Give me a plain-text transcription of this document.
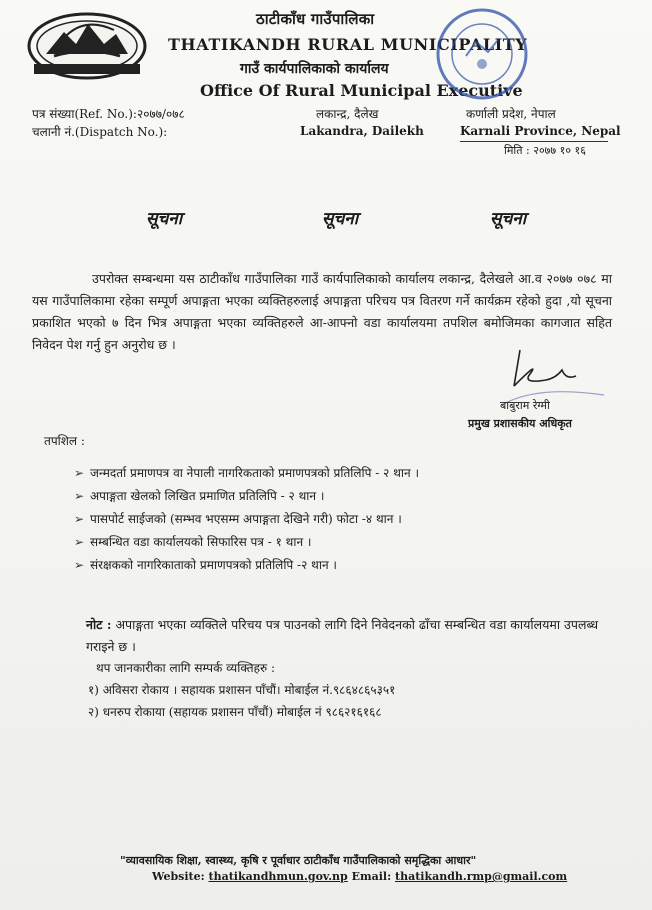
ठाटीकाँध गाउँपालिका
THATIKANDH RURAL MUNICIPALITY
गाउँ कार्यपालिकाको कार्यालय
Office Of Rural Municipal Executive
पत्र संख्या(Ref. No.):२०७७/०७८
चलानी नं.(Dispatch No.):
लकान्द्र, दैलेख
Lakandra, Dailekh
कर्णाली प्रदेश, नेपाल
Karnali Province, Nepal
मिति : २०७७ १० १६
सूचना	सूचना	सूचना
उपरोक्त सम्बन्धमा यस ठाटीकाँध गाउँपालिका गाउँ कार्यपालिकाको कार्यालय लकान्द्र, दैलेखले आ.व २०७७ ०७८ मा यस गाउँपालिकामा रहेका सम्पूर्ण अपाङ्गता भएका व्यक्तिहरुलाई अपाङ्गता परिचय पत्र वितरण गर्ने कार्यक्रम रहेको हुदा ,यो सूचना प्रकाशित भएको ७ दिन भित्र अपाङ्गता भएका व्यक्तिहरुले आ-आफ्नो वडा कार्यालयमा तपशिल बमोजिमका कागजात सहित निवेदन पेश गर्नु हुन अनुरोध छ ।
बाबुराम रेग्मी
प्रमुख प्रशासकीय अधिकृत
तपशिल :
➢ जन्मदर्ता प्रमाणपत्र वा नेपाली नागरिकताको प्रमाणपत्रको प्रतिलिपि - २ थान ।
➢ अपाङ्गता खेलको लिखित प्रमाणित प्रतिलिपि - २ थान ।
➢ पासपोर्ट साईजको (सम्भव भएसम्म अपाङ्गता देखिने गरी) फोटा -४ थान ।
➢ सम्बन्धित वडा कार्यालयको सिफारिस पत्र - १ थान ।
➢ संरक्षकको नागरिकाताको प्रमाणपत्रको प्रतिलिपि -२ थान ।
नोट : अपाङ्गता भएका व्यक्तिले परिचय पत्र पाउनको लागि दिने निवेदनको ढाँचा सम्बन्धित वडा कार्यालयमा उपलब्ध गराइने छ ।
थप जानकारीका लागि सम्पर्क व्यक्तिहरु :
१) अविसरा रोकाय । सहायक प्रशासन पाँचौं। मोबाईल नं.९८६४८६५३५१
२) धनरुप रोकाया (सहायक प्रशासन पाँचौं) मोबाईल नं ९८६२१६१६८
"व्यावसायिक शिक्षा, स्वास्थ्य, कृषि र पूर्वाधार ठाटीकाँध गाउँपालिकाको समृद्धिका आधार"
Website: thatikandhmun.gov.np Email: thatikandh.rmp@gmail.com
